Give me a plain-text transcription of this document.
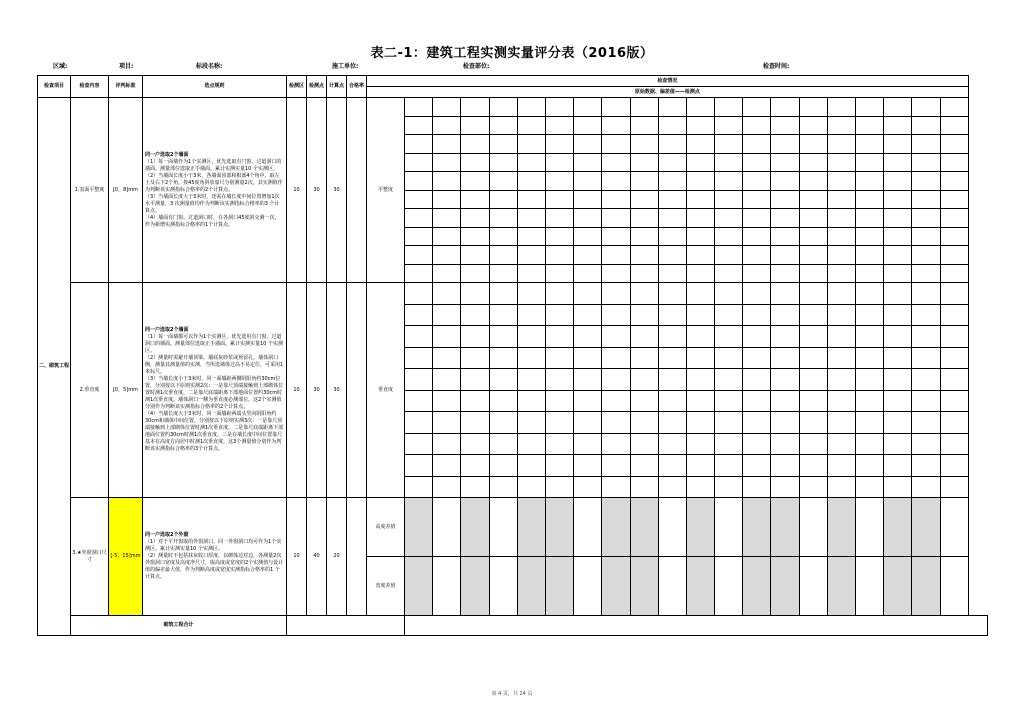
表二-1：建筑工程实测实量评分表（2016版）
区域:	项目:	标段名称:	施工单位:	检查部位:	检查时间:
检查项目	检查内容	评判标准	选点规则	检测区	检测点	计算点	合格率	检查情况																				
								原始数据、偏差值——检测点																				
二、砌筑工程	1.表面平整度	[0，8]mm	同一户选取2个墙面

（1）每一面墙作为1个实测区，优先选取有门窗、过道洞口的墙面。测量部位选取正手墙面。累计实测实量10 个实测区。
（2）当墙面长度小于3米，各墙面顶部和根部4个角中，取左上及右下2个角。按45度角斜放靠尺分别测量2次，其实测值作为判断该实测指标合格率的2个计算点。
（3）当墙面长度大于3米时，还需在墙长度中间位置增加1次水平测量，3 次测量值均作为判断该实测指标合格率的3 个计算点。
（4）墙面有门窗、过道洞口时，在各洞口45度斜交测一次，作为新增实测指标合格率的1个计算点。	10	30	30		平整度																				

	2.垂直度	[0，5]mm	同一户选取2个墙面

（1）每一面墙都可以作为1个实测区，优先选用有门窗、过道洞口的墙面。测量部位选取正手墙面。累计实测实量10 个实测区。
（2）测量时需避开墙顶梁、墙底灰砂浆或预留孔，墙体洞口侧，测量其测量值的实测，当所选墙体过高不易定位，可采用1米标尺。
（3）当墙长度小于3米时，同一面墙距两侧阴阳角约30cm位置，分别按以下原则实测2次：一是靠尺顶端接触到上部砌体位置时测1次垂直度，二是靠尺底端距离下部地面位置约30cm时测1次垂直度。墙体洞口一侧为垂直度必测部位。这2个实测值分别作为判断该实测指标合格率的2个计算点。
（4）当墙长度大于3米时，同一面墙距两端头竖向阴阳角约30cm和墙体中间位置，分别按以下原则实测3次：一是靠尺顶端接触到上部砌体位置时测1次垂直度，二是靠尺底端距离下部地面位置约30cm时测1次垂直度，三是在墙长度中间位置靠尺基本在高度方向居中时测1次垂直度。这3个测量值分别作为判断该实测指标合格率的3个计算点。	10	30	30		垂直度																				

	3.★外窗洞口尺寸	[-5，15]mm	同一户选取2个外窗

（1）对于平开窗取的外窗洞口，同一外窗洞口均可作为1个实测区。累计实测实量10 个实测区。
（2）测量时不包括抹灰收口厚度，以砌体边对边，各测量2次外窗洞口宽度及高度净尺寸，取高度或宽度的2个实测值与设计值的偏差最大值，作为判断高度或宽度实测指标合格率的1 个计算点。	10	40	20		高度差值																				
								宽度差值																				
	砌筑工程合计																											
第 4 页，共 24 页
